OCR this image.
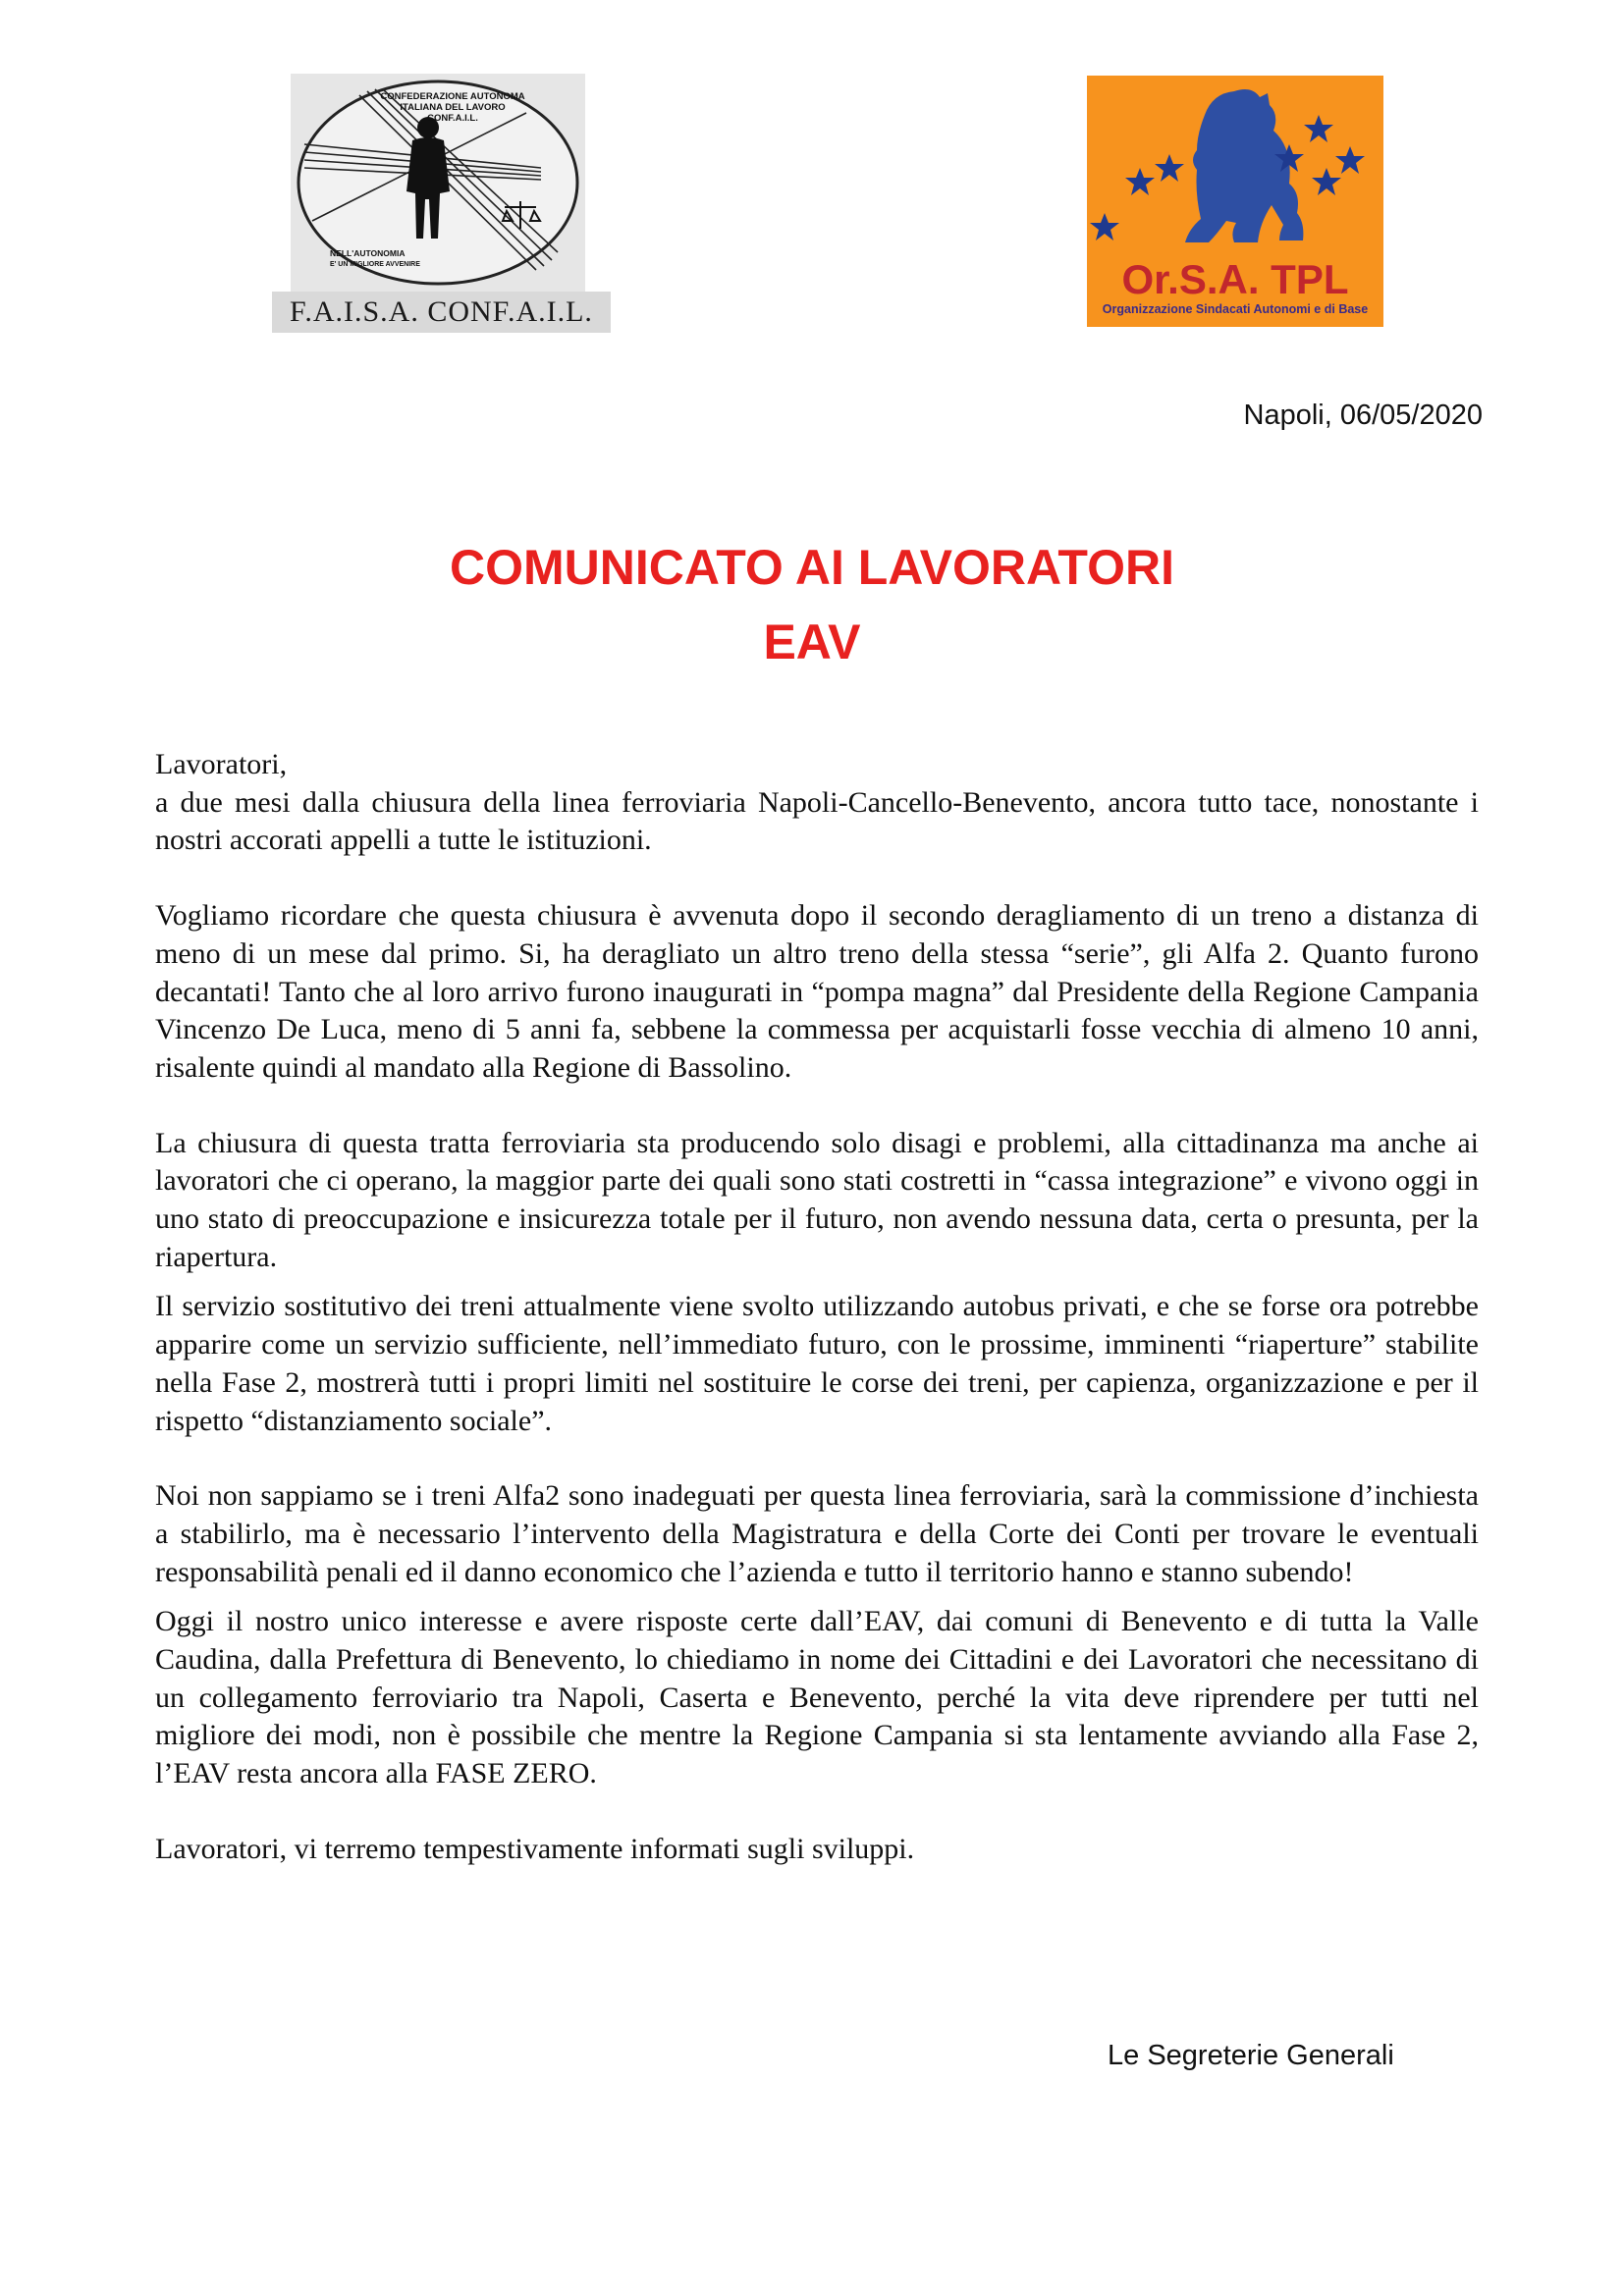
CONFEDERAZIONE AUTONOMA
ITALIANA DEL LAVORO
CONF.A.I.L.
NELL'AUTONOMIA
E' UN MIGLIORE AVVENIRE
F.A.I.S.A. CONF.A.I.L.
Or.S.A. TPL
Organizzazione Sindacati Autonomi e di Base
Napoli, 06/05/2020
COMUNICATO AI LAVORATORI
EAV

Lavoratori,

a due mesi dalla chiusura della linea ferroviaria Napoli-Cancello-Benevento, ancora tutto tace, nonostante i nostri accorati appelli a tutte le istituzioni.

Vogliamo ricordare che questa chiusura è avvenuta dopo il secondo deragliamento di un treno a distanza di meno di un mese dal primo. Si, ha deragliato un altro treno della stessa “serie”, gli Alfa 2. Quanto furono decantati! Tanto che al loro arrivo furono inaugurati in “pompa magna” dal Presidente della Regione Campania Vincenzo De Luca, meno di 5 anni fa, sebbene la commessa per acquistarli fosse vecchia di almeno 10 anni, risalente quindi al mandato alla Regione di Bassolino.

La chiusura di questa tratta ferroviaria sta producendo solo disagi e problemi, alla cittadinanza ma anche ai lavoratori che ci operano, la maggior parte dei quali sono stati costretti in “cassa integrazione” e vivono oggi in uno stato di preoccupazione e insicurezza totale per il futuro, non avendo nessuna data, certa o presunta, per la riapertura.

Il servizio sostitutivo dei treni attualmente viene svolto utilizzando autobus privati, e che se forse ora potrebbe apparire come un servizio sufficiente, nell’immediato futuro, con le prossime, imminenti “riaperture” stabilite nella Fase 2, mostrerà tutti i propri limiti nel sostituire le corse dei treni, per capienza, organizzazione e per il rispetto “distanziamento sociale”.

Noi non sappiamo se i treni Alfa2 sono inadeguati per questa linea ferroviaria, sarà la commissione d’inchiesta a stabilirlo, ma è necessario l’intervento della Magistratura e della Corte dei Conti per trovare le eventuali responsabilità penali ed il danno economico che l’azienda e tutto il territorio hanno e stanno subendo!

Oggi il nostro unico interesse e avere risposte certe dall’EAV, dai comuni di Benevento e di tutta la Valle Caudina, dalla Prefettura di Benevento, lo chiediamo in nome dei Cittadini e dei Lavoratori che necessitano di un collegamento ferroviario tra Napoli, Caserta e Benevento, perché la vita deve riprendere per tutti nel migliore dei modi, non è possibile che mentre la Regione Campania si sta lentamente avviando alla Fase 2, l’EAV resta ancora alla FASE ZERO.

Lavoratori, vi terremo tempestivamente informati sugli sviluppi.

Le Segreterie Generali
